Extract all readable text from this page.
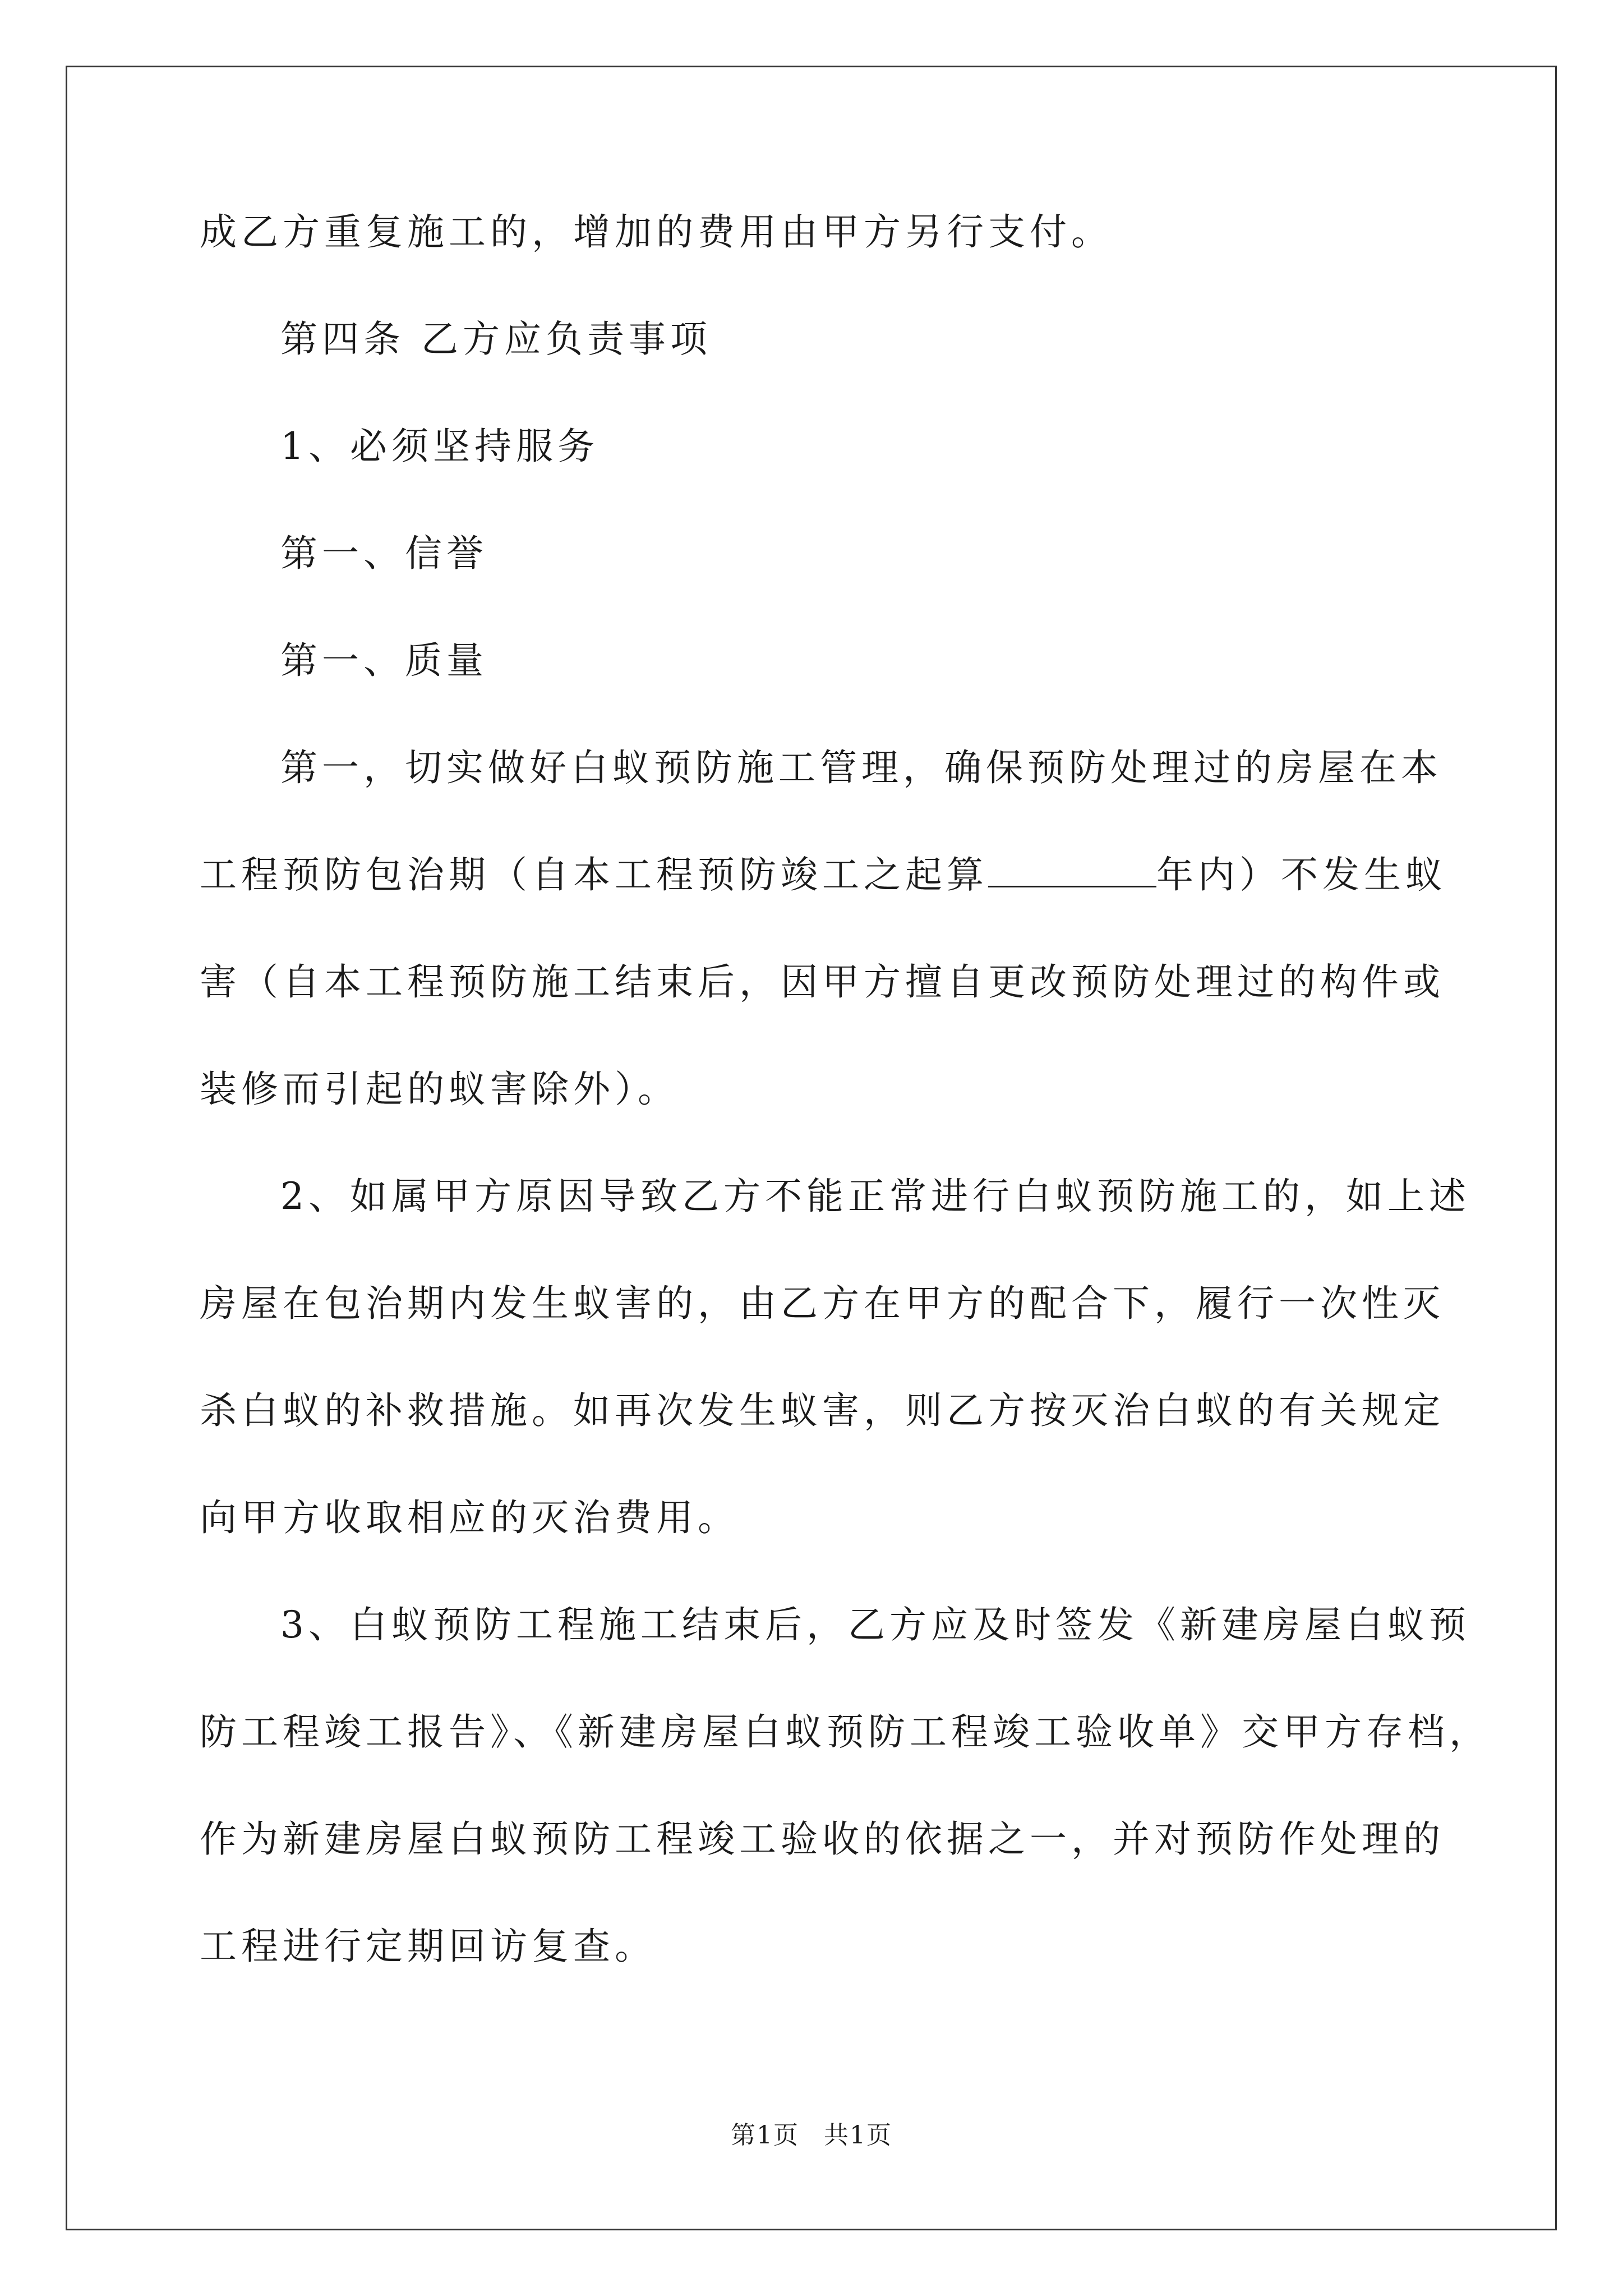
成乙方重复施工的，增加的费用由甲方另行支付。

第四条 乙方应负责事项

1、必须坚持服务

第一、信誉

第一、质量

第一，切实做好白蚁预防施工管理，确保预防处理过的房屋在本

工程预防包治期（自本工程预防竣工之起算	年内）不发生蚁

害（自本工程预防施工结束后，因甲方擅自更改预防处理过的构件或

装修而引起的蚁害除外）。

2、如属甲方原因导致乙方不能正常进行白蚁预防施工的，如上述

房屋在包治期内发生蚁害的，由乙方在甲方的配合下，履行一次性灭

杀白蚁的补救措施。如再次发生蚁害，则乙方按灭治白蚁的有关规定

向甲方收取相应的灭治费用。

3、白蚁预防工程施工结束后，乙方应及时签发《新建房屋白蚁预

防工程竣工报告》、《新建房屋白蚁预防工程竣工验收单》交甲方存档，

作为新建房屋白蚁预防工程竣工验收的依据之一，并对预防作处理的

工程进行定期回访复查。

第1页 共1页
